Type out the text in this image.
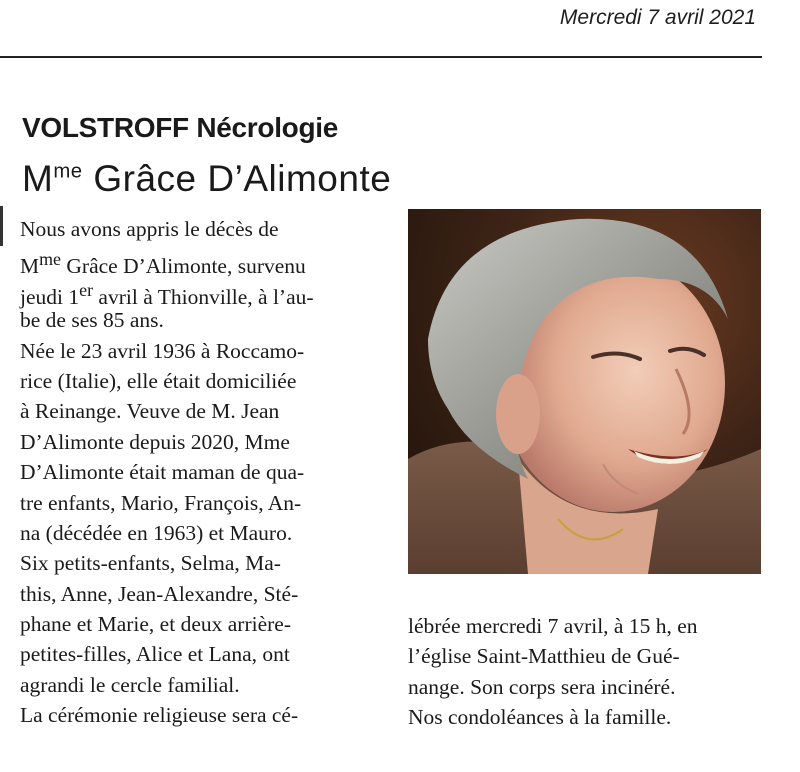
Mercredi 7 avril 2021
VOLSTROFF Nécrologie
$M^{me}$ Grâce D’Alimonte
Nous avons appris le décès de
$M^{me}$ Grâce D’Alimonte, survenu
jeudi 1er avril à Thionville, à l’au-
be de ses 85 ans.
Née le 23 avril 1936 à Roccamo-
rice (Italie), elle était domiciliée
à Reinange. Veuve de M. Jean
D’Alimonte depuis 2020, Mme
D’Alimonte était maman de qua-
tre enfants, Mario, François, An-
na (décédée en 1963) et Mauro.
Six petits-enfants, Selma, Ma-
this, Anne, Jean-Alexandre, Sté-
phane et Marie, et deux arrière-
petites-filles, Alice et Lana, ont
agrandi le cercle familial.
La cérémonie religieuse sera cé-
lébrée mercredi 7 avril, à 15 h, en
l’église Saint-Matthieu de Gué-
nange. Son corps sera incinéré.
Nos condoléances à la famille.
